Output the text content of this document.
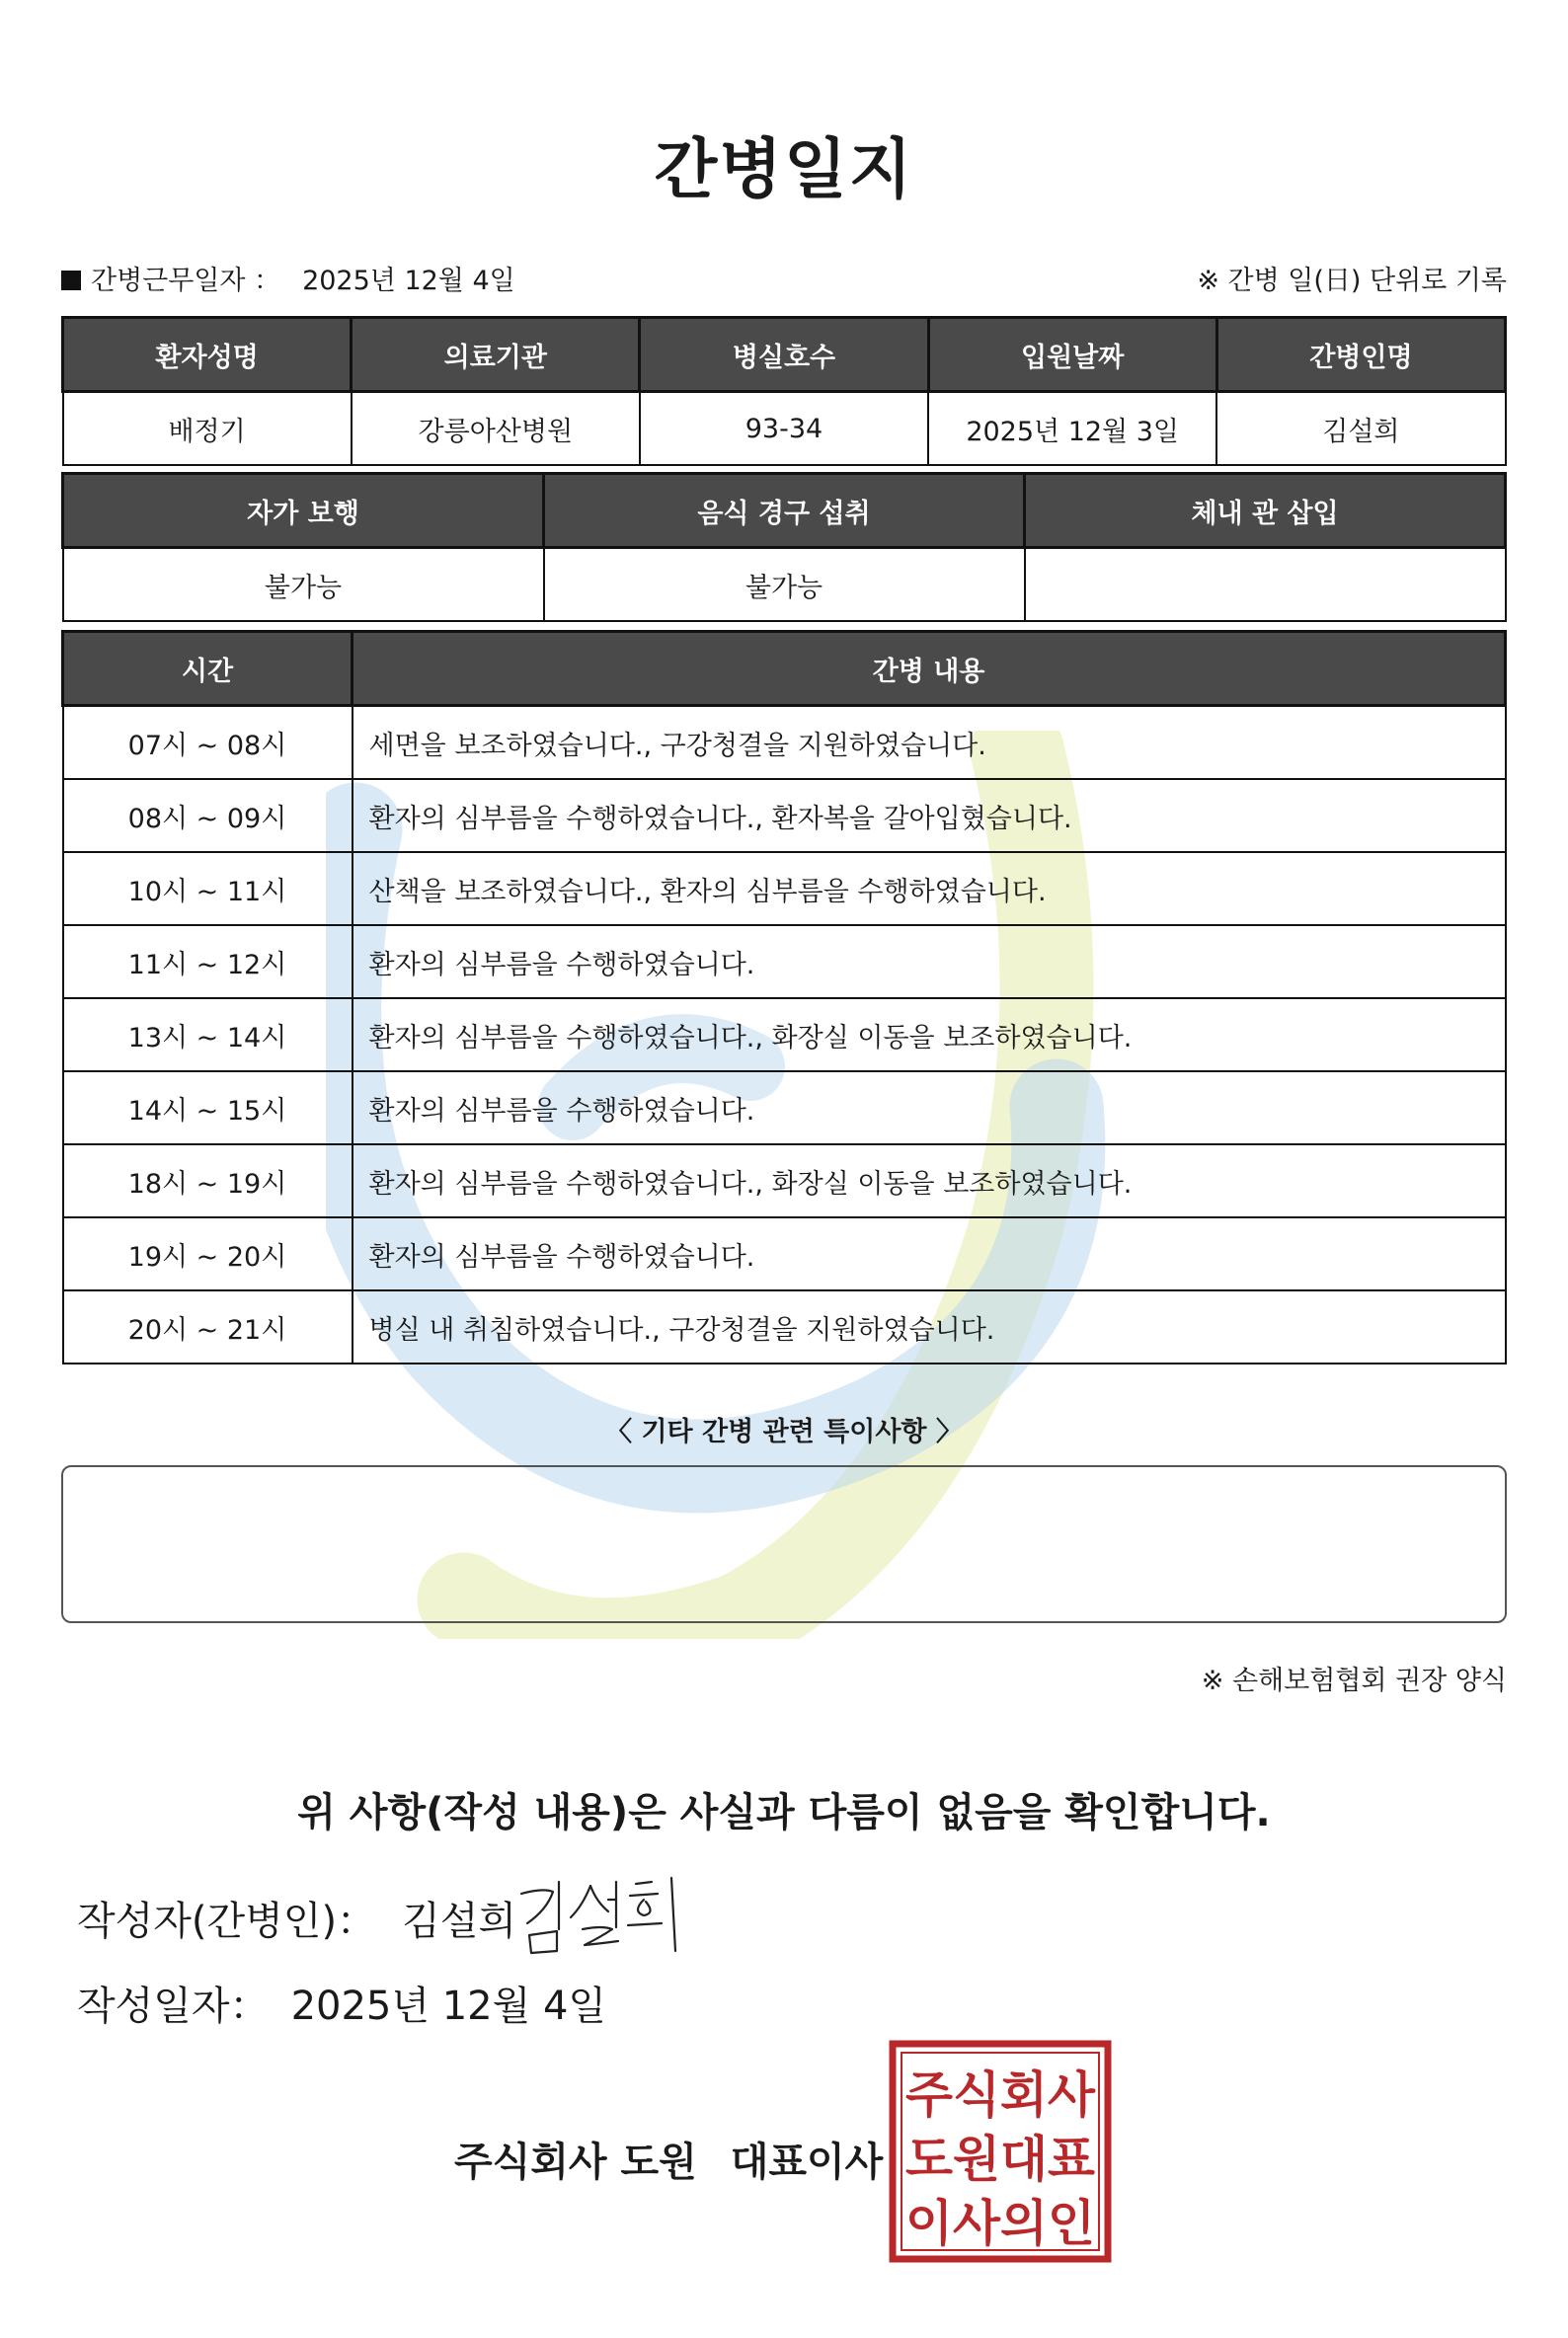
간병일지
간병근무일자 ： 2025년 12월 4일	※ 간병 일(日) 단위로 기록
환자성명	의료기관	병실호수	입원날짜	간병인명
배정기	강릉아산병원	93-34	2025년 12월 3일	김설희
자가 보행	음식 경구 섭취	체내 관 삽입
불가능	불가능	
시간	간병 내용
07시 ~ 08시	세면을 보조하였습니다., 구강청결을 지원하였습니다.
08시 ~ 09시	환자의 심부름을 수행하였습니다., 환자복을 갈아입혔습니다.
10시 ~ 11시	산책을 보조하였습니다., 환자의 심부름을 수행하였습니다.
11시 ~ 12시	환자의 심부름을 수행하였습니다.
13시 ~ 14시	환자의 심부름을 수행하였습니다., 화장실 이동을 보조하였습니다.
14시 ~ 15시	환자의 심부름을 수행하였습니다.
18시 ~ 19시	환자의 심부름을 수행하였습니다., 화장실 이동을 보조하였습니다.
19시 ~ 20시	환자의 심부름을 수행하였습니다.
20시 ~ 21시	병실 내 취침하였습니다., 구강청결을 지원하였습니다.
〈 기타 간병 관련 특이사항 〉
※ 손해보험협회 권장 양식
위 사항(작성 내용)은 사실과 다름이 없음을 확인합니다.
작성자(간병인)： 김설희
작성일자： 2025년 12월 4일
주식회사 도원 대표이사
주식회사
도원대표
이사의인
